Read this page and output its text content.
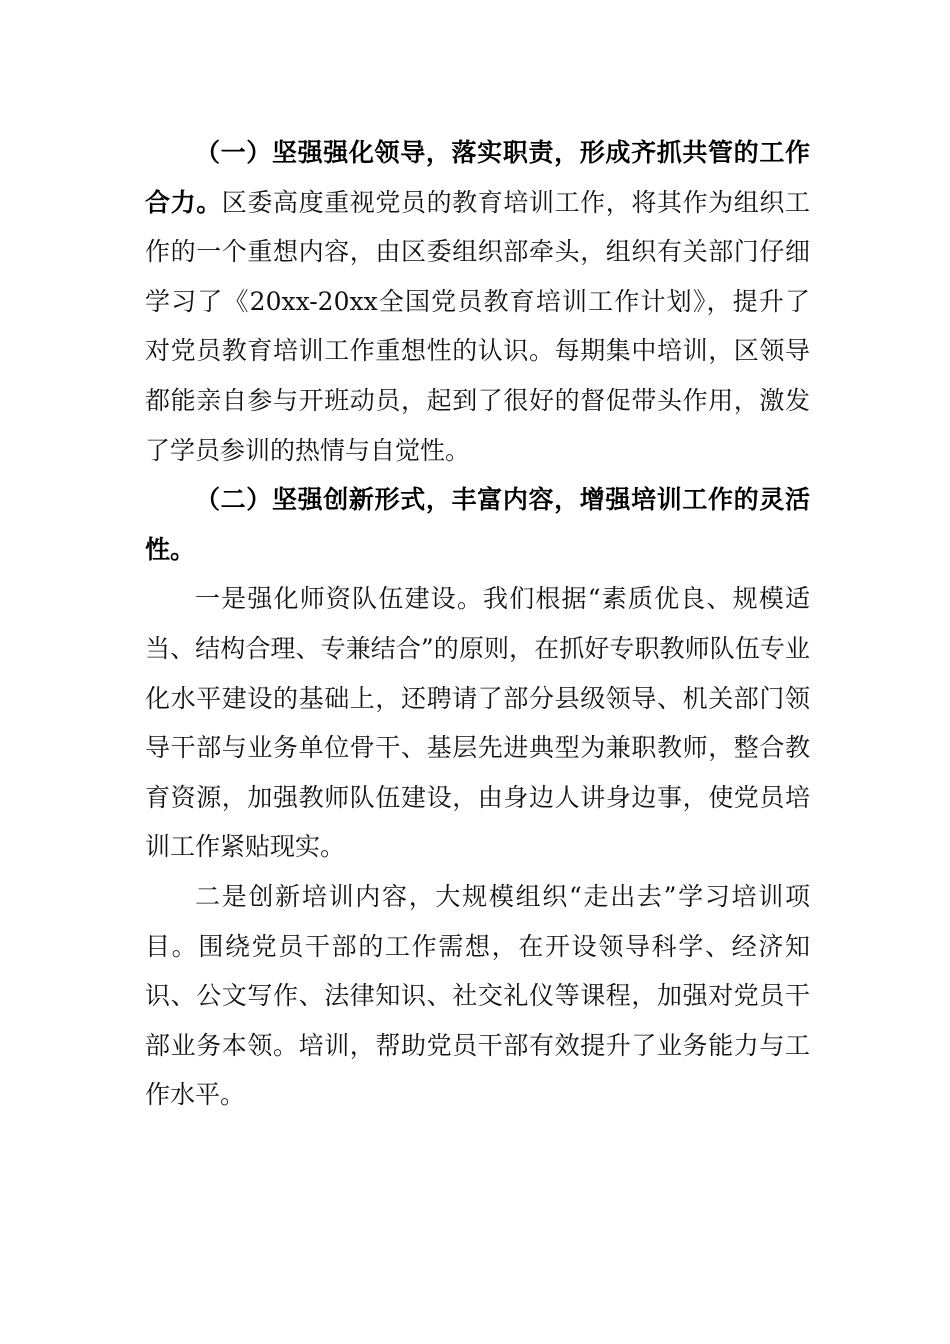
（一）坚强强化领导，落实职责，形成齐抓共管的工作合力。区委高度重视党员的教育培训工作，将其作为组织工作的一个重想内容，由区委组织部牵头，组织有关部门仔细学习了《20xx-20xx全国党员教育培训工作计划》，提升了对党员教育培训工作重想性的认识。每期集中培训，区领导都能亲自参与开班动员，起到了很好的督促带头作用，激发了学员参训的热情与自觉性。

（二）坚强创新形式，丰富内容，增强培训工作的灵活性。

一是强化师资队伍建设。我们根据“素质优良、规模适当、结构合理、专兼结合”的原则，在抓好专职教师队伍专业化水平建设的基础上，还聘请了部分县级领导、机关部门领导干部与业务单位骨干、基层先进典型为兼职教师，整合教育资源，加强教师队伍建设，由身边人讲身边事，使党员培训工作紧贴现实。

二是创新培训内容，大规模组织“走出去”学习培训项目。围绕党员干部的工作需想，在开设领导科学、经济知识、公文写作、法律知识、社交礼仪等课程，加强对党员干部业务本领。培训，帮助党员干部有效提升了业务能力与工作水平。
